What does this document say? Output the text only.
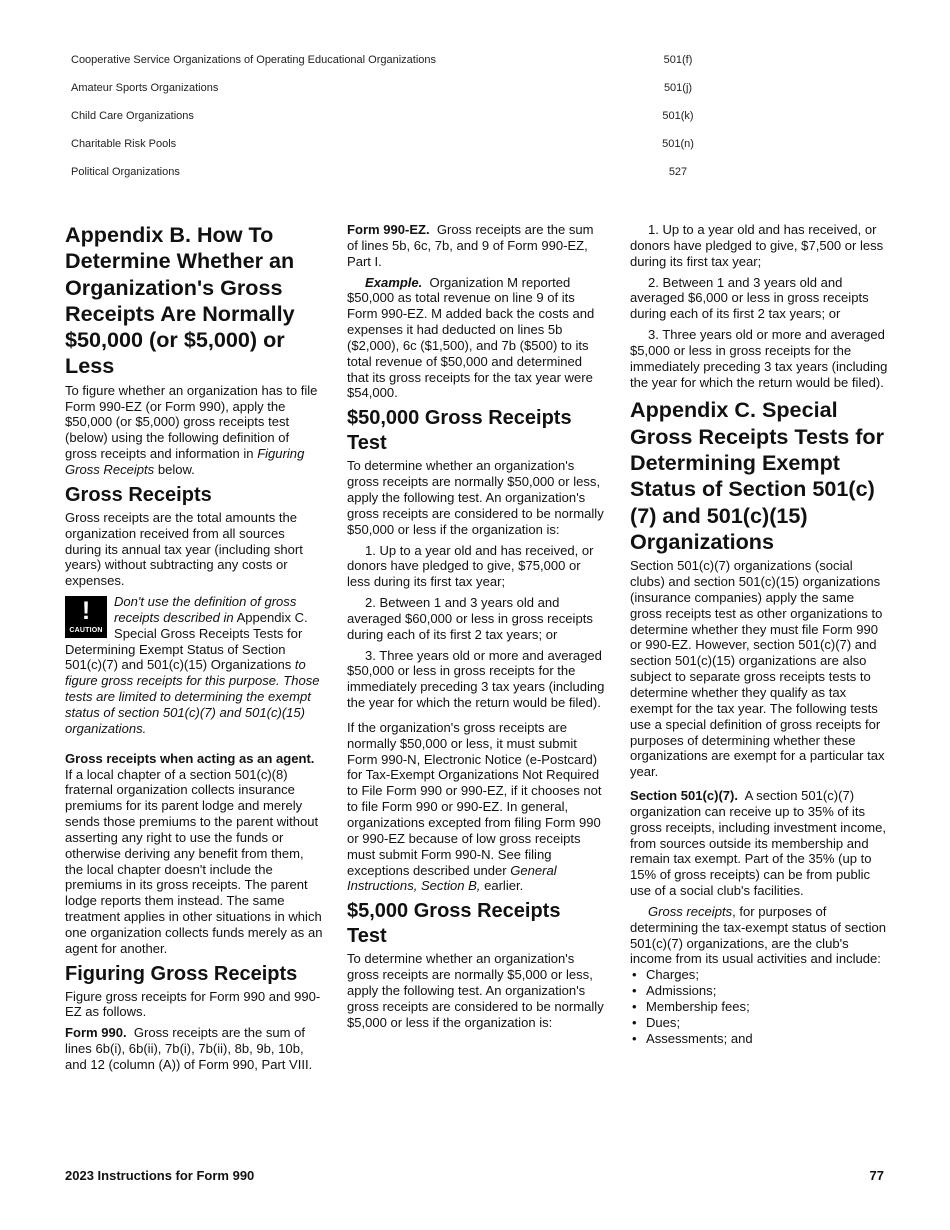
Cooperative Service Organizations of Operating Educational Organizations	501(f)
Amateur Sports Organizations	501(j)
Child Care Organizations	501(k)
Charitable Risk Pools	501(n)
Political Organizations	527
Appendix B. How To Determine Whether an Organization's Gross Receipts Are Normally $50,000 (or $5,000) or Less

To figure whether an organization has to file Form 990-EZ (or Form 990), apply the $50,000 (or $5,000) gross receipts test (below) using the following definition of gross receipts and information in Figuring Gross Receipts below.

Gross Receipts

Gross receipts are the total amounts the organization received from all sources during its annual tax year (including short years) without subtracting any costs or expenses.

!
CAUTION
Don't use the definition of gross receipts described in Appendix C. Special Gross Receipts Tests for Determining Exempt Status of Section 501(c)(7) and 501(c)(15) Organizations to figure gross receipts for this purpose. Those tests are limited to determining the exempt status of section 501(c)(7) and 501(c)(15) organizations.

Gross receipts when acting as an agent.  If a local chapter of a section 501(c)(8) fraternal organization collects insurance premiums for its parent lodge and merely sends those premiums to the parent without asserting any right to use the funds or otherwise deriving any benefit from them, the local chapter doesn't include the premiums in its gross receipts. The parent lodge reports them instead. The same treatment applies in other situations in which one organization collects funds merely as an agent for another.

Figuring Gross Receipts

Figure gross receipts for Form 990 and 990-EZ as follows.

Form 990. Gross receipts are the sum of lines 6b(i), 6b(ii), 7b(i), 7b(ii), 8b, 9b, 10b, and 12 (column (A)) of Form 990, Part VIII.

Form 990-EZ. Gross receipts are the sum of lines 5b, 6c, 7b, and 9 of Form 990-EZ, Part I.

Example. Organization M reported $50,000 as total revenue on line 9 of its Form 990-EZ. M added back the costs and expenses it had deducted on lines 5b ($2,000), 6c ($1,500), and 7b ($500) to its total revenue of $50,000 and determined that its gross receipts for the tax year were $54,000.

$50,000 Gross Receipts Test

To determine whether an organization's gross receipts are normally $50,000 or less, apply the following test. An organization's gross receipts are considered to be normally $50,000 or less if the organization is:

1. Up to a year old and has received, or donors have pledged to give, $75,000 or less during its first tax year;

2. Between 1 and 3 years old and averaged $60,000 or less in gross receipts during each of its first 2 tax years; or

3. Three years old or more and averaged $50,000 or less in gross receipts for the immediately preceding 3 tax years (including the year for which the return would be filed).

If the organization's gross receipts are normally $50,000 or less, it must submit Form 990-N, Electronic Notice (e-Postcard) for Tax-Exempt Organizations Not Required to File Form 990 or 990-EZ, if it chooses not to file Form 990 or 990-EZ. In general, organizations excepted from filing Form 990 or 990-EZ because of low gross receipts must submit Form 990-N. See filing exceptions described under General Instructions, Section B, earlier.

$5,000 Gross Receipts Test

To determine whether an organization's gross receipts are normally $5,000 or less, apply the following test. An organization's gross receipts are considered to be normally $5,000 or less if the organization is:

1. Up to a year old and has received, or donors have pledged to give, $7,500 or less during its first tax year;

2. Between 1 and 3 years old and averaged $6,000 or less in gross receipts during each of its first 2 tax years; or

3. Three years old or more and averaged $5,000 or less in gross receipts for the immediately preceding 3 tax years (including the year for which the return would be filed).

Appendix C. Special Gross Receipts Tests for Determining Exempt Status of Section 501(c)(7) and 501(c)(15) Organizations

Section 501(c)(7) organizations (social clubs) and section 501(c)(15) organizations (insurance companies) apply the same gross receipts test as other organizations to determine whether they must file Form 990 or 990-EZ. However, section 501(c)(7) and section 501(c)(15) organizations are also subject to separate gross receipts tests to determine whether they qualify as tax exempt for the tax year. The following tests use a special definition of gross receipts for purposes of determining whether these organizations are exempt for a particular tax year.

Section 501(c)(7). A section 501(c)(7) organization can receive up to 35% of its gross receipts, including investment income, from sources outside its membership and remain tax exempt. Part of the 35% (up to 15% of gross receipts) can be from public use of a social club's facilities.

Gross receipts, for purposes of determining the tax-exempt status of section 501(c)(7) organizations, are the club's income from its usual activities and include:

• Charges;
• Admissions;
• Membership fees;
• Dues;
• Assessments; and
2023 Instructions for Form 990	77
